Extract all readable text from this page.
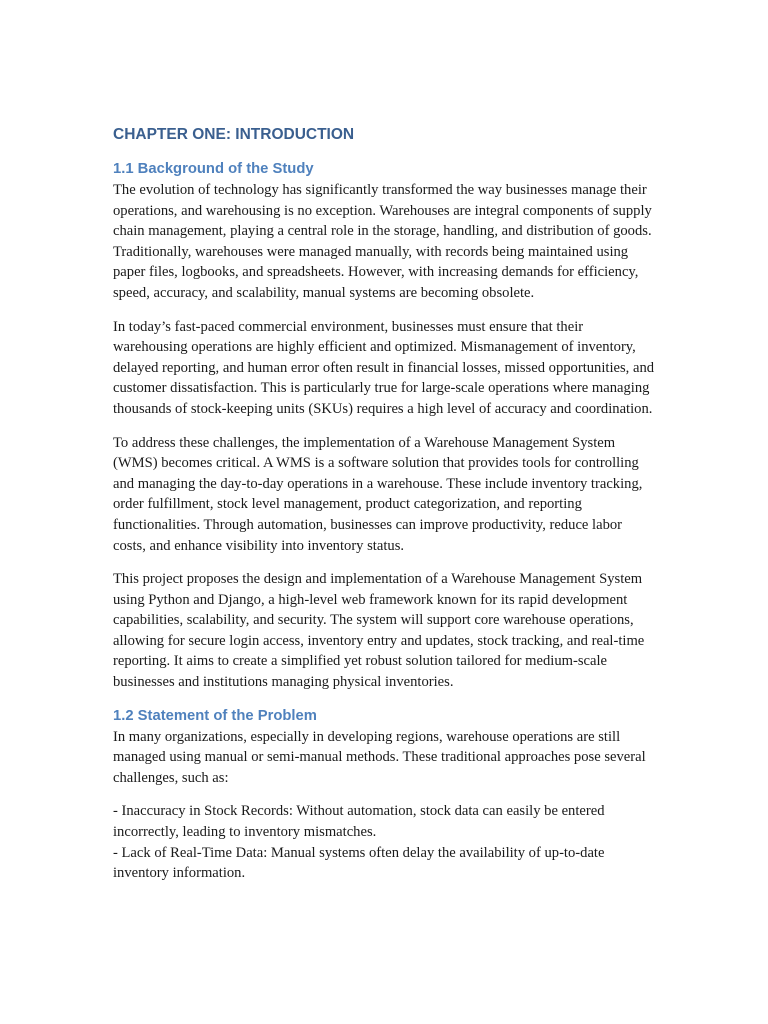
CHAPTER ONE: INTRODUCTION
1.1 Background of the Study

The evolution of technology has significantly transformed the way businesses manage their operations, and warehousing is no exception. Warehouses are integral components of supply chain management, playing a central role in the storage, handling, and distribution of goods. Traditionally, warehouses were managed manually, with records being maintained using paper files, logbooks, and spreadsheets. However, with increasing demands for efficiency, speed, accuracy, and scalability, manual systems are becoming obsolete.

In today’s fast-paced commercial environment, businesses must ensure that their warehousing operations are highly efficient and optimized. Mismanagement of inventory, delayed reporting, and human error often result in financial losses, missed opportunities, and customer dissatisfaction. This is particularly true for large-scale operations where managing thousands of stock-keeping units (SKUs) requires a high level of accuracy and coordination.

To address these challenges, the implementation of a Warehouse Management System (WMS) becomes critical. A WMS is a software solution that provides tools for controlling and managing the day-to-day operations in a warehouse. These include inventory tracking, order fulfillment, stock level management, product categorization, and reporting functionalities. Through automation, businesses can improve productivity, reduce labor costs, and enhance visibility into inventory status.

This project proposes the design and implementation of a Warehouse Management System using Python and Django, a high-level web framework known for its rapid development capabilities, scalability, and security. The system will support core warehouse operations, allowing for secure login access, inventory entry and updates, stock tracking, and real-time reporting. It aims to create a simplified yet robust solution tailored for medium-scale businesses and institutions managing physical inventories.

1.2 Statement of the Problem

In many organizations, especially in developing regions, warehouse operations are still managed using manual or semi-manual methods. These traditional approaches pose several challenges, such as:

- Inaccuracy in Stock Records: Without automation, stock data can easily be entered incorrectly, leading to inventory mismatches.

- Lack of Real-Time Data: Manual systems often delay the availability of up-to-date inventory information.
